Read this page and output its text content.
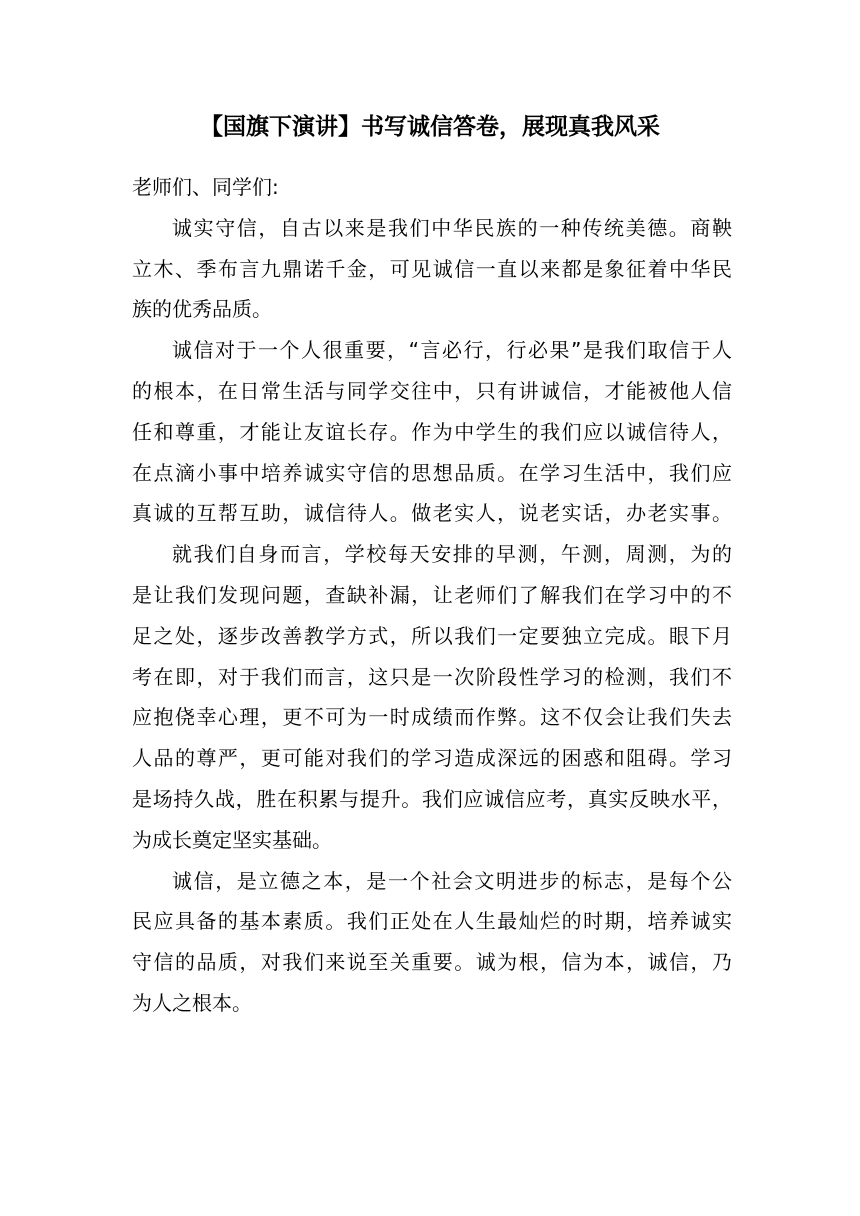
【国旗下演讲】书写诚信答卷，展现真我风采

老师们、同学们:

诚实守信，自古以来是我们中华民族的一种传统美德。商鞅
立木、季布言九鼎诺千金，可见诚信一直以来都是象征着中华民
族的优秀品质。

诚信对于一个人很重要，“言必行，行必果”是我们取信于人
的根本，在日常生活与同学交往中，只有讲诚信，才能被他人信
任和尊重，才能让友谊长存。作为中学生的我们应以诚信待人，
在点滴小事中培养诚实守信的思想品质。在学习生活中，我们应
真诚的互帮互助，诚信待人。做老实人，说老实话，办老实事。

就我们自身而言，学校每天安排的早测，午测，周测，为的
是让我们发现问题，查缺补漏，让老师们了解我们在学习中的不
足之处，逐步改善教学方式，所以我们一定要独立完成。眼下月
考在即，对于我们而言，这只是一次阶段性学习的检测，我们不
应抱侥幸心理，更不可为一时成绩而作弊。这不仅会让我们失去
人品的尊严，更可能对我们的学习造成深远的困惑和阻碍。学习
是场持久战，胜在积累与提升。我们应诚信应考，真实反映水平，
为成长奠定坚实基础。

诚信，是立德之本，是一个社会文明进步的标志，是每个公
民应具备的基本素质。我们正处在人生最灿烂的时期，培养诚实
守信的品质，对我们来说至关重要。诚为根，信为本，诚信，乃
为人之根本。
